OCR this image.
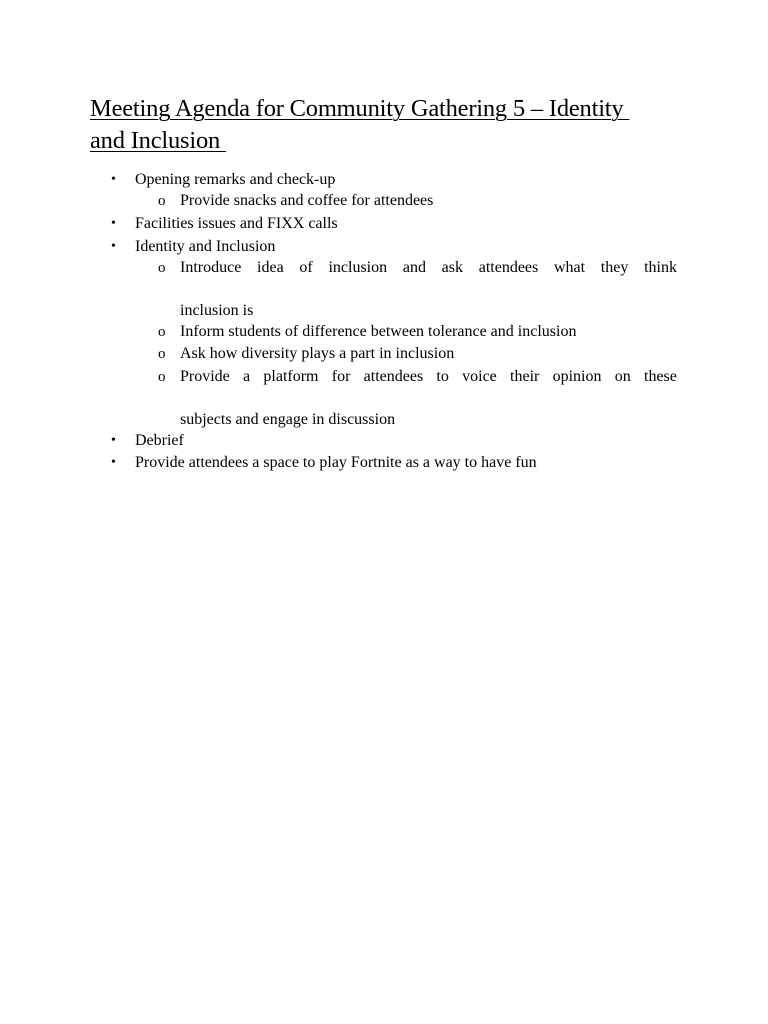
Meeting Agenda for Community Gathering 5 – Identity
and Inclusion
• Opening remarks and check-up
o Provide snacks and coffee for attendees
• Facilities issues and FIXX calls
• Identity and Inclusion
o Introduce idea of inclusion and ask attendees what they think
inclusion is
o Inform students of difference between tolerance and inclusion
o Ask how diversity plays a part in inclusion
o Provide a platform for attendees to voice their opinion on these
subjects and engage in discussion
• Debrief
• Provide attendees a space to play Fortnite as a way to have fun
